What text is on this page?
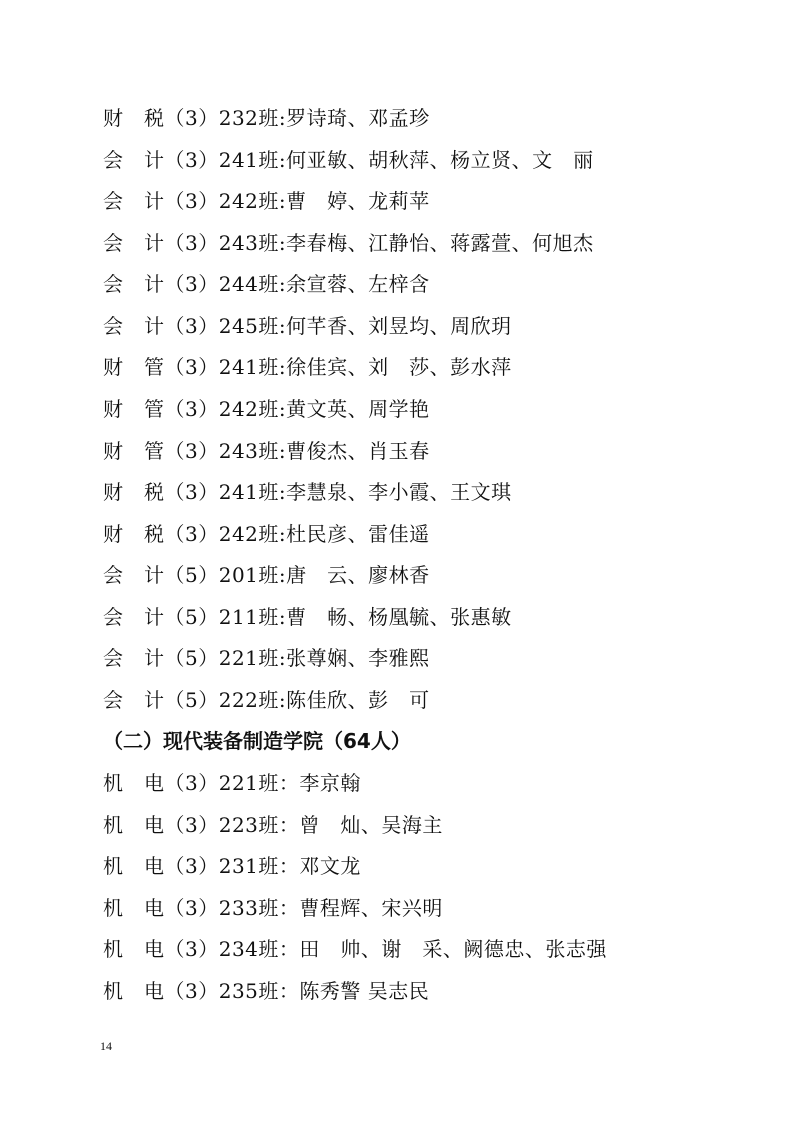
财　税（3）232班:罗诗琦、邓孟珍
会　计（3）241班:何亚敏、胡秋萍、杨立贤、文　丽
会　计（3）242班:曹　婷、龙莉苹
会　计（3）243班:李春梅、江静怡、蒋露萱、何旭杰
会　计（3）244班:余宣蓉、左梓含
会　计（3）245班:何芊香、刘昱均、周欣玥
财　管（3）241班:徐佳宾、刘　莎、彭水萍
财　管（3）242班:黄文英、周学艳
财　管（3）243班:曹俊杰、肖玉春
财　税（3）241班:李慧泉、李小霞、王文琪
财　税（3）242班:杜民彦、雷佳遥
会　计（5）201班:唐　云、廖林香
会　计（5）211班:曹　畅、杨凰毓、张惠敏
会　计（5）221班:张尊娴、李雅熙
会　计（5）222班:陈佳欣、彭　可
（二）现代装备制造学院（64人）
机　电（3）221班：李京翰
机　电（3）223班：曾　灿、吴海主
机　电（3）231班：邓文龙
机　电（3）233班：曹程辉、宋兴明
机　电（3）234班：田　帅、谢　采、阙德忠、张志强
机　电（3）235班：陈秀警 吴志民
14
